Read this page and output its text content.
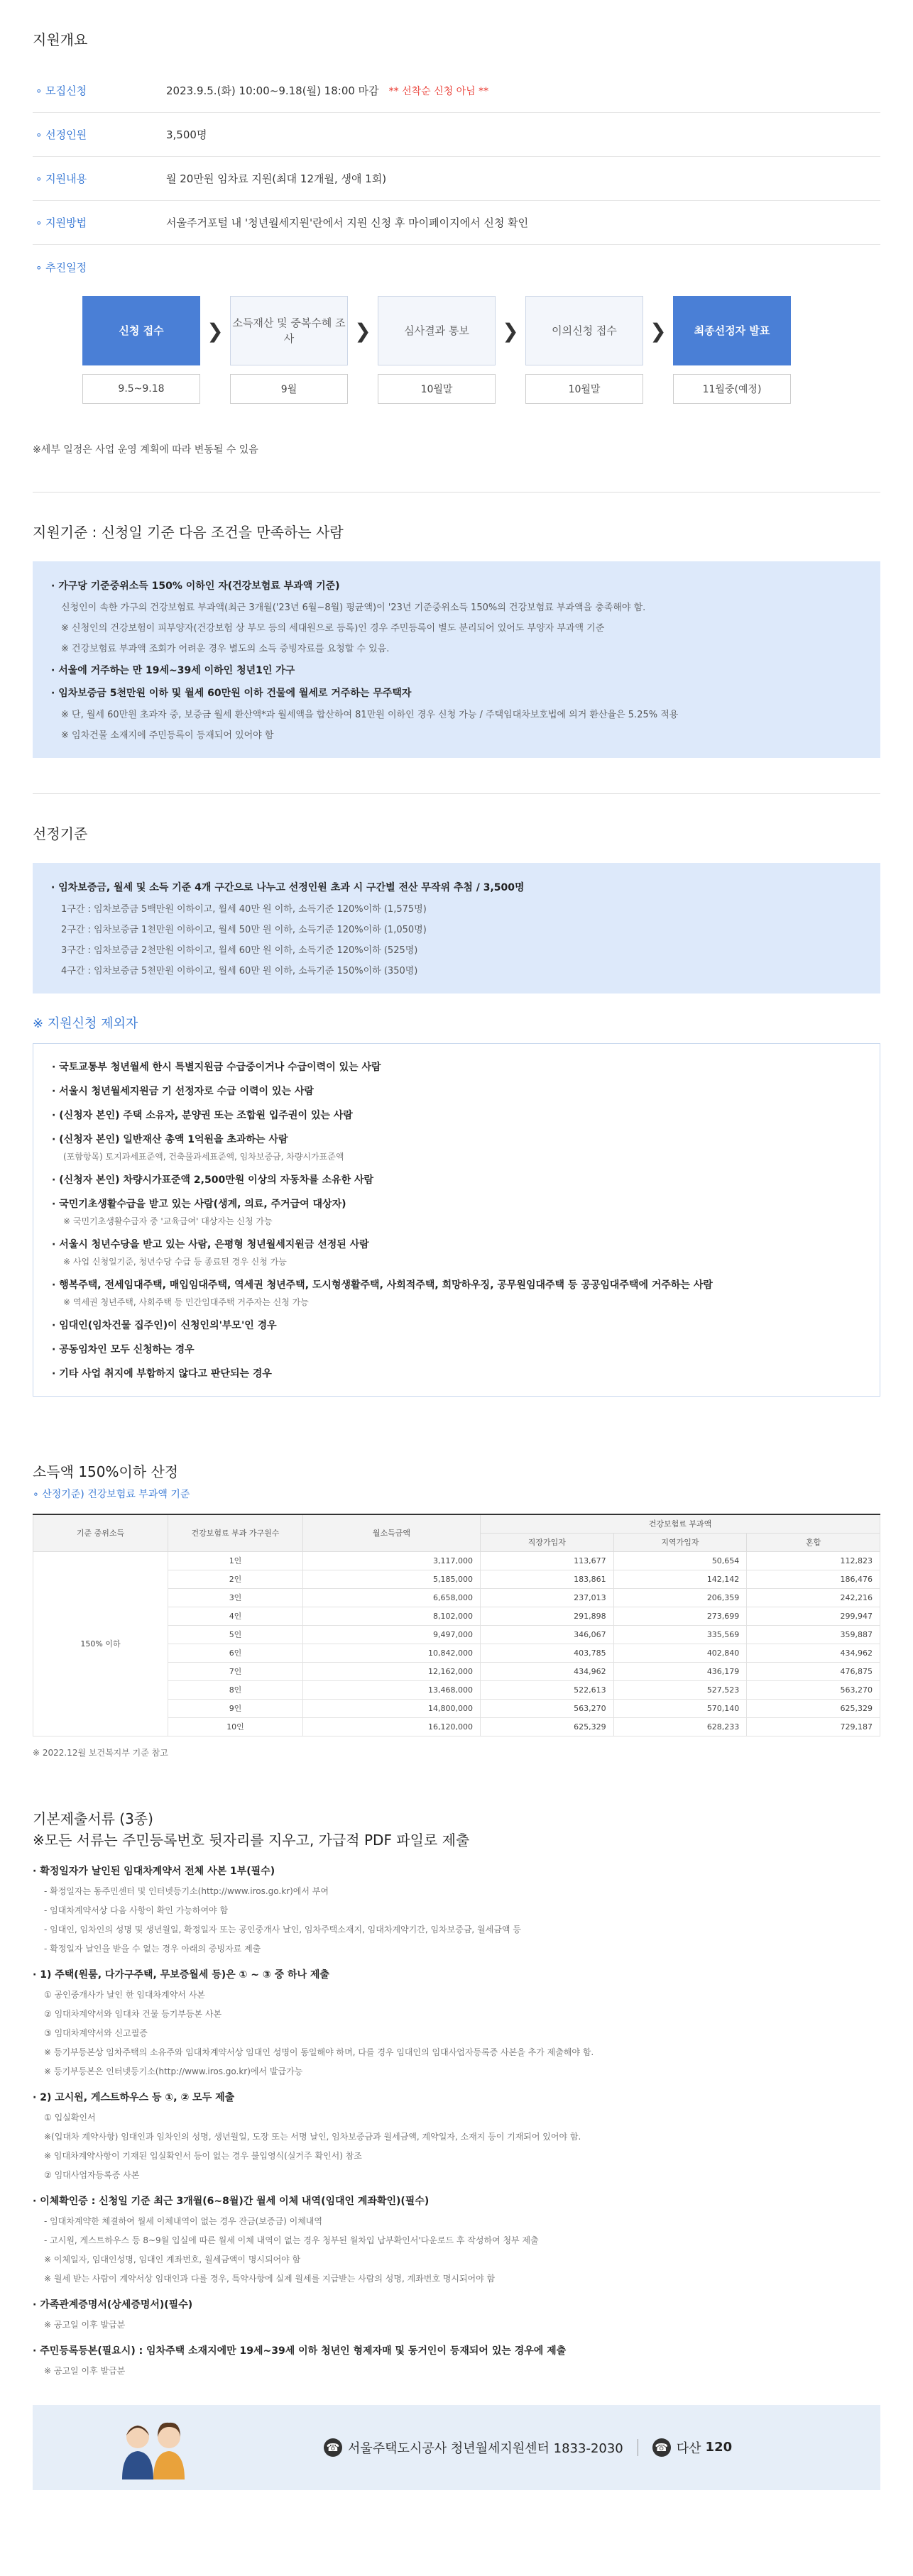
지원개요
∘ 모집신청	2023.9.5.(화) 10:00~9.18(월) 18:00 마감 ** 선착순 신청 아님 **
∘ 선정인원	3,500명
∘ 지원내용	월 20만원 임차료 지원(최대 12개월, 생애 1회)
∘ 지원방법	서울주거포털 내 '청년월세지원'란에서 지원 신청 후 마이페이지에서 신청 확인
∘ 추진일정
신청 접수
9.5~9.18
❯ 소득재산 및 중복수혜 조사
9월
❯	심사결과 통보
10월말
❯	이의신청 접수
10월말
❯	최종선정자 발표
11월중(예정)
※세부 일정은 사업 운영 계획에 따라 변동될 수 있음
지원기준 : 신청일 기준 다음 조건을 만족하는 사람
· 가구당 기준중위소득 150% 이하인 자(건강보험료 부과액 기준)
신청인이 속한 가구의 건강보험료 부과액(최근 3개월('23년 6월~8월) 평균액)이 '23년 기준중위소득 150%의 건강보험료 부과액을 충족해야 함.
※ 신청인의 건강보험이 피부양자(건강보험 상 부모 등의 세대원으로 등록)인 경우 주민등록이 별도 분리되어 있어도 부양자 부과액 기준
※ 건강보험료 부과액 조회가 어려운 경우 별도의 소득 증빙자료를 요청할 수 있음.
· 서울에 거주하는 만 19세~39세 이하인 청년1인 가구
· 임차보증금 5천만원 이하 및 월세 60만원 이하 건물에 월세로 거주하는 무주택자
※ 단, 월세 60만원 초과자 중, 보증금 월세 환산액*과 월세액을 합산하여 81만원 이하인 경우 신청 가능 / 주택임대차보호법에 의거 환산율은 5.25% 적용
※ 임차건물 소재지에 주민등록이 등재되어 있어야 함
선정기준
· 임차보증금, 월세 및 소득 기준 4개 구간으로 나누고 선정인원 초과 시 구간별 전산 무작위 추첨 / 3,500명
1구간 : 임차보증금 5백만원 이하이고, 월세 40만 원 이하, 소득기준 120%이하 (1,575명)
2구간 : 임차보증금 1천만원 이하이고, 월세 50만 원 이하, 소득기준 120%이하 (1,050명)
3구간 : 임차보증금 2천만원 이하이고, 월세 60만 원 이하, 소득기준 120%이하 (525명)
4구간 : 임차보증금 5천만원 이하이고, 월세 60만 원 이하, 소득기준 150%이하 (350명)
※ 지원신청 제외자
· 국토교통부 청년월세 한시 특별지원금 수급중이거나 수급이력이 있는 사람
· 서울시 청년월세지원금 기 선정자로 수급 이력이 있는 사람
· (신청자 본인) 주택 소유자, 분양권 또는 조합원 입주권이 있는 사람
· (신청자 본인) 일반재산 총액 1억원을 초과하는 사람
(포함항목) 토지과세표준액, 건축물과세표준액, 임차보증금, 차량시가표준액
· (신청자 본인) 차량시가표준액 2,500만원 이상의 자동차를 소유한 사람
· 국민기초생활수급을 받고 있는 사람(생계, 의료, 주거급여 대상자)
※ 국민기초생활수급자 중 '교육급여' 대상자는 신청 가능
· 서울시 청년수당을 받고 있는 사람, 은평형 청년월세지원금 선정된 사람
※ 사업 신청일기준, 청년수당 수급 등 종료된 경우 신청 가능
· 행복주택, 전세임대주택, 매입임대주택, 역세권 청년주택, 도시형생활주택, 사회적주택, 희망하우징, 공무원임대주택 등 공공임대주택에 거주하는 사람
※ 역세권 청년주택, 사회주택 등 민간임대주택 거주자는 신청 가능
· 임대인(임차건물 집주인)이 신청인의'부모'인 경우
· 공동임차인 모두 신청하는 경우
· 기타 사업 취지에 부합하지 않다고 판단되는 경우
소득액 150%이하 산정
∘ 산정기준) 건강보험료 부과액 기준
기준 중위소득	건강보험료 부과 가구원수	월소득금액	건강보험료 부과액		
			직장가입자	지역가입자	혼합
150% 이하	1인	3,117,000	113,677	50,654	112,823
	2인	5,185,000	183,861	142,142	186,476
	3인	6,658,000	237,013	206,359	242,216
	4인	8,102,000	291,898	273,699	299,947
	5인	9,497,000	346,067	335,569	359,887
	6인	10,842,000	403,785	402,840	434,962
	7인	12,162,000	434,962	436,179	476,875
	8인	13,468,000	522,613	527,523	563,270
	9인	14,800,000	563,270	570,140	625,329
	10인	16,120,000	625,329	628,233	729,187
※ 2022.12월 보건복지부 기준 참고
기본제출서류 (3종)
※모든 서류는 주민등록번호 뒷자리를 지우고, 가급적 PDF 파일로 제출
· 확정일자가 날인된 임대차계약서 전체 사본 1부(필수)
- 확정일자는 동주민센터 및 인터넷등기소(http://www.iros.go.kr)에서 부여
- 임대차계약서상 다음 사항이 확인 가능하여야 함
- 임대인, 임차인의 성명 및 생년월일, 확정일자 또는 공인중개사 날인, 임차주택소재지, 임대차계약기간, 임차보증금, 월세금액 등
- 확정일자 날인을 받을 수 없는 경우 아래의 증빙자료 제출
· 1) 주택(원룸, 다가구주택, 무보증월세 등)은 ① ~ ③ 중 하나 제출
① 공인중개사가 날인 한 임대차계약서 사본
② 임대차계약서와 임대차 건물 등기부등본 사본
③ 임대차계약서와 신고필증
※ 등기부등본상 임차주택의 소유주와 임대차계약서상 임대인 성명이 동일해야 하며, 다를 경우 임대인의 임대사업자등록증 사본을 추가 제출해야 함.
※ 등기부등본은 인터넷등기소(http://www.iros.go.kr)에서 발급가능
· 2) 고시원, 게스트하우스 등 ①, ② 모두 제출
① 입실확인서
※(입대차 계약사항) 임대인과 임차인의 성명, 생년월일, 도장 또는 서명 날인, 임차보증금과 월세금액, 계약일자, 소재지 등이 기재되어 있어야 함.
※ 임대차계약사항이 기재된 입실확인서 등이 없는 경우 불입영식(실거주 확인서) 참조
② 임대사업자등록증 사본
· 이체확인증 : 신청일 기준 최근 3개월(6~8월)간 월세 이체 내역(임대인 계좌확인)(필수)
- 임대차계약한 체결하여 월세 이체내역이 없는 경우 잔금(보증금) 이체내역
- 고시원, 게스트하우스 등 8~9월 입실에 따른 월세 이체 내역이 없는 경우 청부된 월차입 납부확인서'다운로드 후 작성하여 청부 제출
※ 이체일자, 임대인성명, 임대인 계좌번호, 월세금액이 명시되어야 함
※ 월세 받는 사람이 계약서상 임대인과 다를 경우, 특약사항에 실제 월세를 지급받는 사람의 성명, 계좌번호 명시되어야 함
· 가족관계증명서(상세증명서)(필수)
※ 공고일 이후 발급분
· 주민등록등본(필요시) : 임차주택 소재지에만 19세~39세 이하 청년인 형제자매 및 동거인이 등재되어 있는 경우에 제출
※ 공고일 이후 발급분
☎ 서울주택도시공사 청년월세지원센터 1833-2030	☎ 다산 120
